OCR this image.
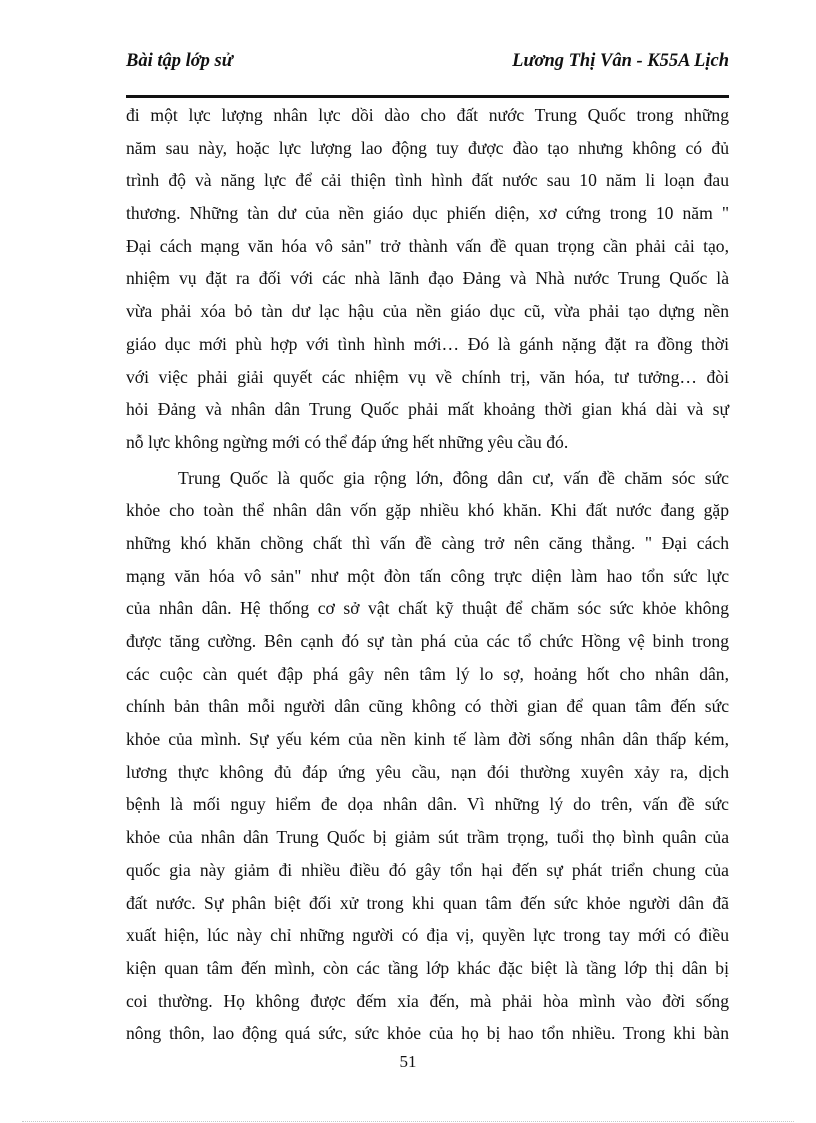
Bài tập lớp sử	Lương Thị Vân - K55A Lịch
đi một lực lượng nhân lực dồi dào cho đất nước Trung Quốc trong những
năm sau này, hoặc lực lượng lao động tuy được đào tạo nhưng không có đủ
trình độ và năng lực để cải thiện tình hình đất nước sau 10 năm li loạn đau
thương. Những tàn dư của nền giáo dục phiến diện, xơ cứng trong 10 năm "
Đại cách mạng văn hóa vô sản" trở thành vấn đề quan trọng cần phải cải tạo,
nhiệm vụ đặt ra đối với các nhà lãnh đạo Đảng và Nhà nước Trung Quốc là
vừa phải xóa bỏ tàn dư lạc hậu của nền giáo dục cũ, vừa phải tạo dựng nền
giáo dục mới phù hợp với tình hình mới… Đó là gánh nặng đặt ra đồng thời
với việc phải giải quyết các nhiệm vụ về chính trị, văn hóa, tư tưởng… đòi
hỏi Đảng và nhân dân Trung Quốc phải mất khoảng thời gian khá dài và sự
nỗ lực không ngừng mới có thể đáp ứng hết những yêu cầu đó.
Trung Quốc là quốc gia rộng lớn, đông dân cư, vấn đề chăm sóc sức
khỏe cho toàn thể nhân dân vốn gặp nhiều khó khăn. Khi đất nước đang gặp
những khó khăn chồng chất thì vấn đề càng trở nên căng thẳng. " Đại cách
mạng văn hóa vô sản" như một đòn tấn công trực diện làm hao tổn sức lực
của nhân dân. Hệ thống cơ sở vật chất kỹ thuật để chăm sóc sức khỏe không
được tăng cường. Bên cạnh đó sự tàn phá của các tổ chức Hồng vệ binh trong
các cuộc càn quét đập phá gây nên tâm lý lo sợ, hoảng hốt cho nhân dân,
chính bản thân mỗi người dân cũng không có thời gian để quan tâm đến sức
khỏe của mình. Sự yếu kém của nền kinh tế làm đời sống nhân dân thấp kém,
lương thực không đủ đáp ứng yêu cầu, nạn đói thường xuyên xảy ra, dịch
bệnh là mối nguy hiểm đe dọa nhân dân. Vì những lý do trên, vấn đề sức
khỏe của nhân dân Trung Quốc bị giảm sút trầm trọng, tuổi thọ bình quân của
quốc gia này giảm đi nhiều điều đó gây tổn hại đến sự phát triển chung của
đất nước. Sự phân biệt đối xử trong khi quan tâm đến sức khỏe người dân đã
xuất hiện, lúc này chỉ những người có địa vị, quyền lực trong tay mới có điều
kiện quan tâm đến mình, còn các tầng lớp khác đặc biệt là tầng lớp thị dân bị
coi thường. Họ không được đếm xỉa đến, mà phải hòa mình vào đời sống
nông thôn, lao động quá sức, sức khỏe của họ bị hao tổn nhiều. Trong khi bàn
51
